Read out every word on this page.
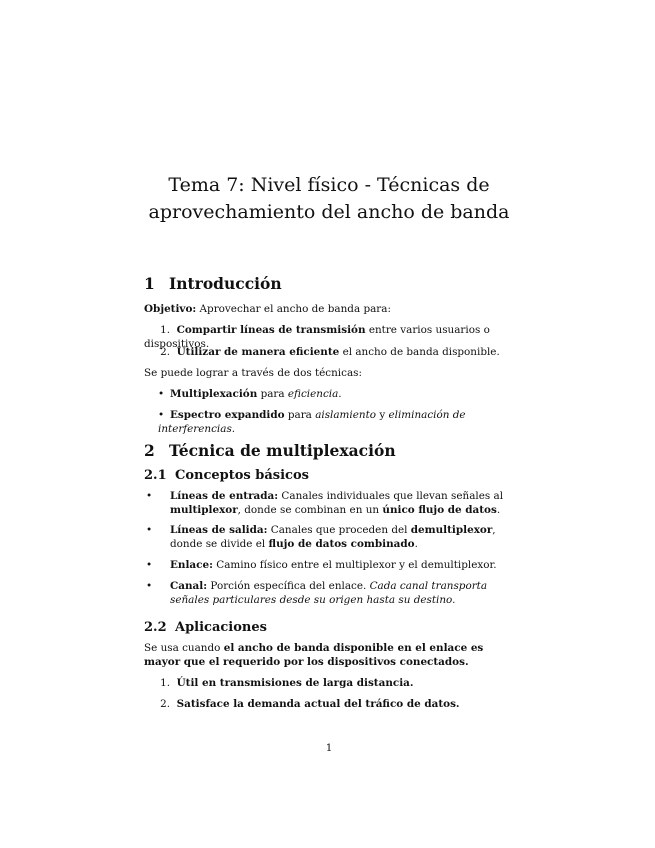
Tema 7: Nivel físico - Técnicas de
aprovechamiento del ancho de banda
1 Introducción

Objetivo: Aprovechar el ancho de banda para:

1. Compartir líneas de transmisión entre varios usuarios o dispositivos.

2. Utilizar de manera eficiente el ancho de banda disponible.

Se puede lograr a través de dos técnicas:

• Multiplexación para eficiencia.

• Espectro expandido para aislamiento y eliminación de interferencias.

2 Técnica de multiplexación
2.1 Conceptos básicos

• Líneas de entrada: Canales individuales que llevan señales al multiplexor, donde se combinan en un único flujo de datos.

• Líneas de salida: Canales que proceden del demultiplexor, donde se divide el flujo de datos combinado.

• Enlace: Camino físico entre el multiplexor y el demultiplexor.

• Canal: Porción específica del enlace. Cada canal transporta señales particulares desde su origen hasta su destino.

2.2 Aplicaciones

Se usa cuando el ancho de banda disponible en el enlace es mayor que el requerido por los dispositivos conectados.

1. Útil en transmisiones de larga distancia.

2. Satisface la demanda actual del tráfico de datos.

1
